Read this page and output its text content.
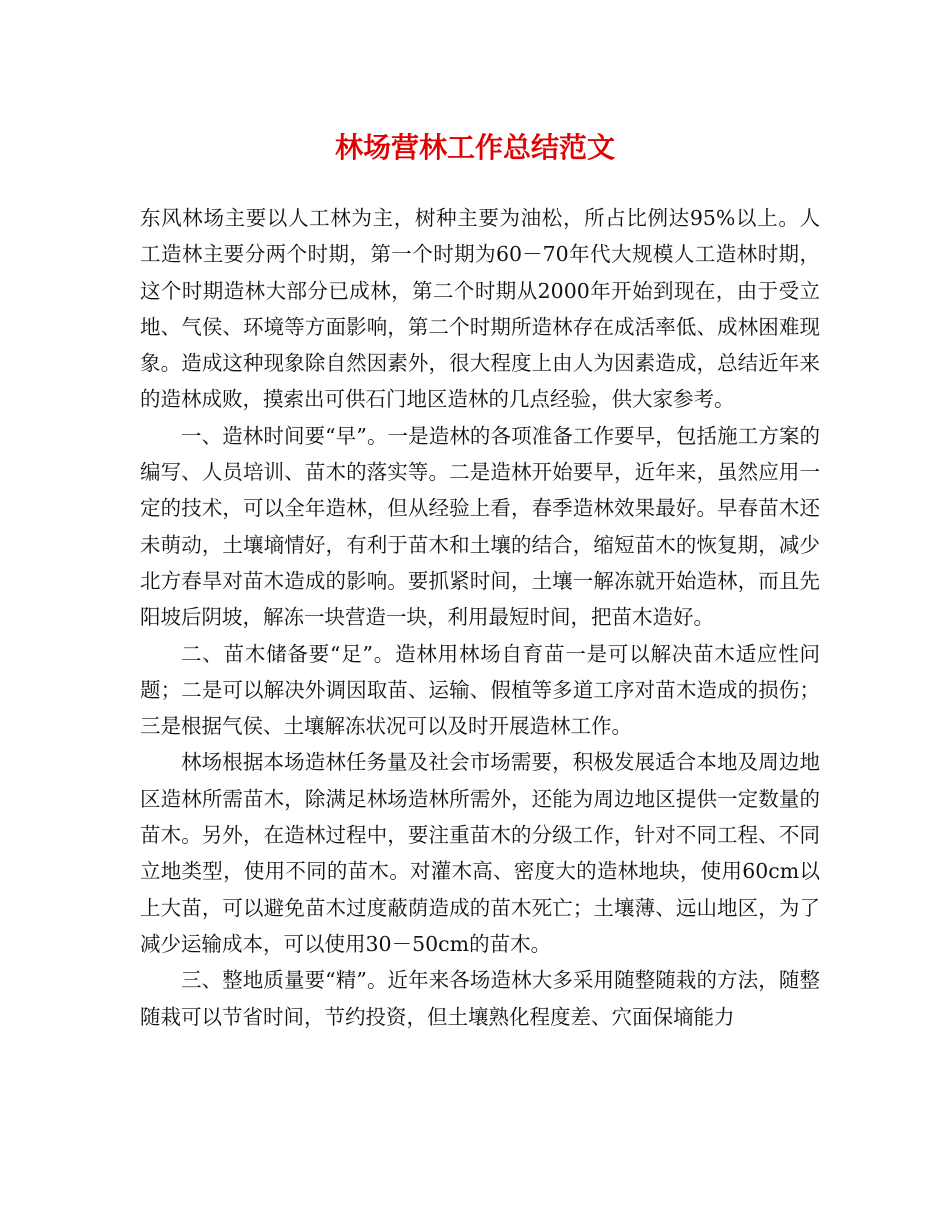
林场营林工作总结范文

东风林场主要以人工林为主，树种主要为油松，所占比例达95%以上。人工造林主要分两个时期，第一个时期为60－70年代大规模人工造林时期，这个时期造林大部分已成林，第二个时期从2000年开始到现在，由于受立地、气侯、环境等方面影响，第二个时期所造林存在成活率低、成林困难现象。造成这种现象除自然因素外，很大程度上由人为因素造成，总结近年来的造林成败，摸索出可供石门地区造林的几点经验，供大家参考。

一、造林时间要“早”。一是造林的各项准备工作要早，包括施工方案的编写、人员培训、苗木的落实等。二是造林开始要早，近年来，虽然应用一定的技术，可以全年造林，但从经验上看，春季造林效果最好。早春苗木还未萌动，土壤墒情好，有利于苗木和土壤的结合，缩短苗木的恢复期，减少北方春旱对苗木造成的影响。要抓紧时间，土壤一解冻就开始造林，而且先阳坡后阴坡，解冻一块营造一块，利用最短时间，把苗木造好。

二、苗木储备要“足”。造林用林场自育苗一是可以解决苗木适应性问题；二是可以解决外调因取苗、运输、假植等多道工序对苗木造成的损伤；三是根据气侯、土壤解冻状况可以及时开展造林工作。

林场根据本场造林任务量及社会市场需要，积极发展适合本地及周边地区造林所需苗木，除满足林场造林所需外，还能为周边地区提供一定数量的苗木。另外，在造林过程中，要注重苗木的分级工作，针对不同工程、不同立地类型，使用不同的苗木。对灌木高、密度大的造林地块，使用60cm以上大苗，可以避免苗木过度蔽荫造成的苗木死亡；土壤薄、远山地区，为了减少运输成本，可以使用30－50cm的苗木。

三、整地质量要“精”。近年来各场造林大多采用随整随栽的方法，随整随栽可以节省时间，节约投资，但土壤熟化程度差、穴面保墒能力
